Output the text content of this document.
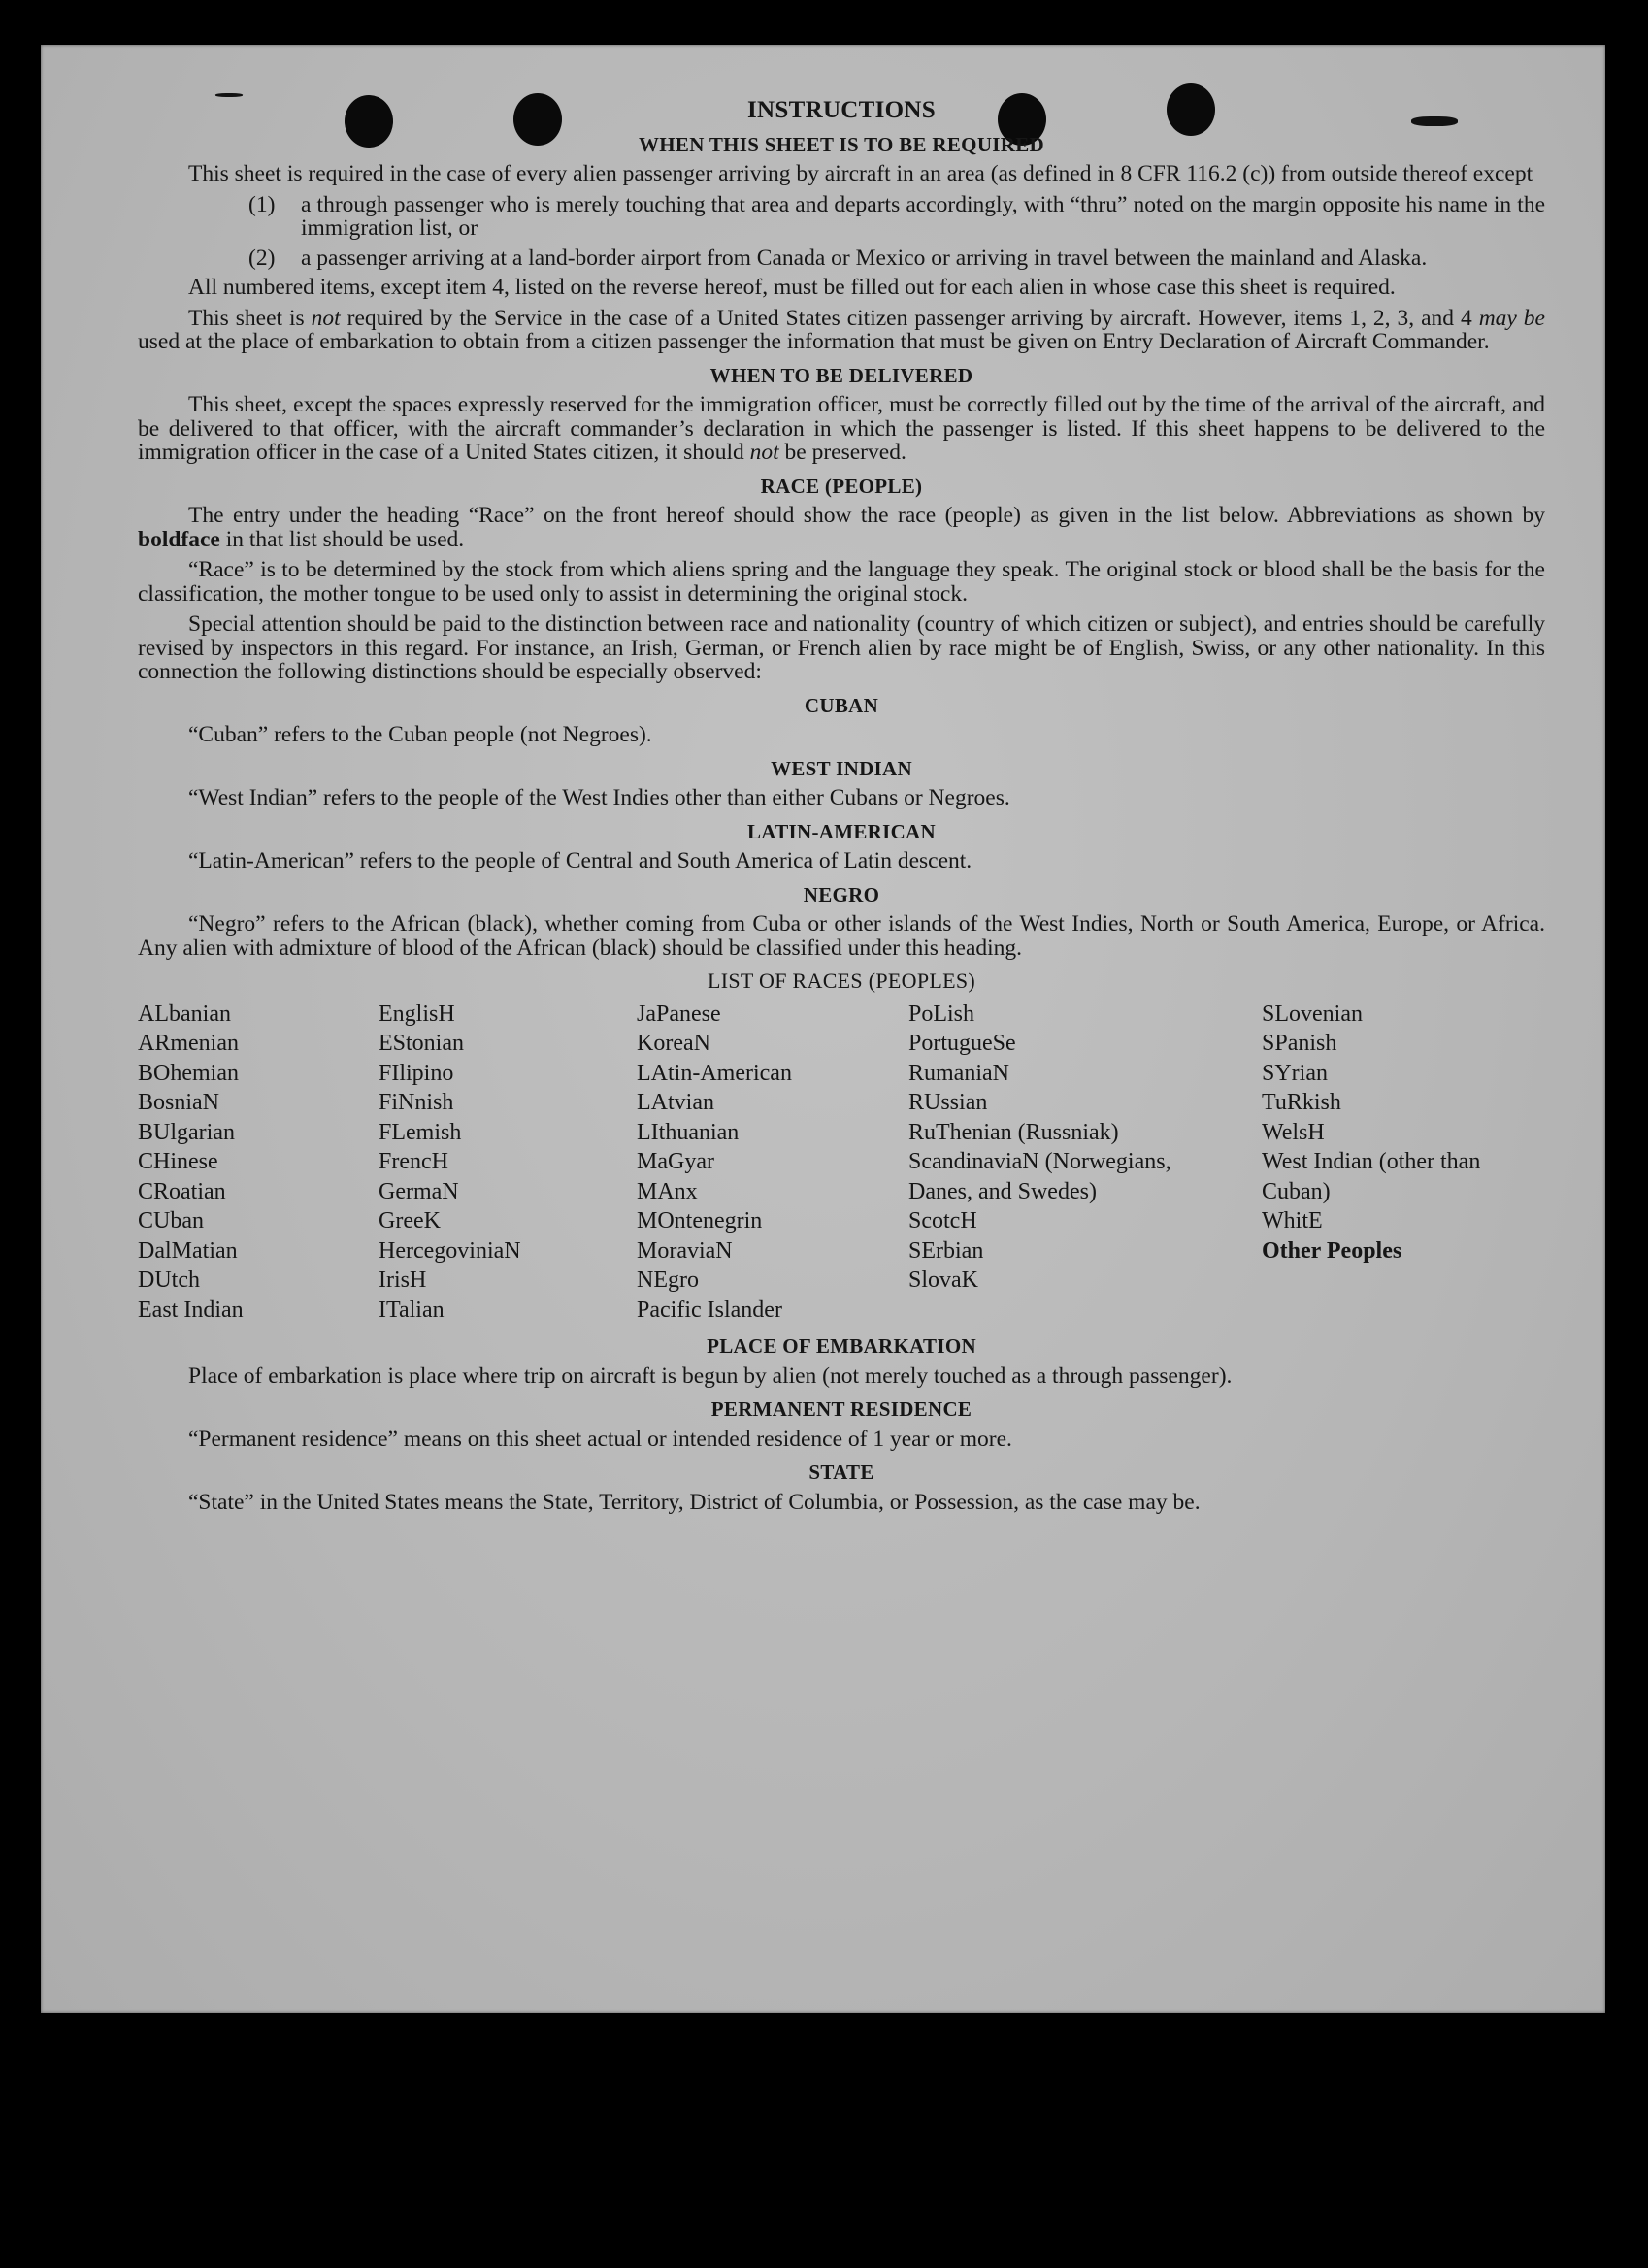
INSTRUCTIONS
WHEN THIS SHEET IS TO BE REQUIRED

This sheet is required in the case of every alien passenger arriving by aircraft in an area (as defined in 8 CFR 116.2 (c)) from outside thereof except

(1)	a through passenger who is merely touching that area and departs accordingly, with “thru” noted on the margin opposite his name in the immigration list, or
(2)	a passenger arriving at a land-border airport from Canada or Mexico or arriving in travel between the mainland and Alaska.

All numbered items, except item 4, listed on the reverse hereof, must be filled out for each alien in whose case this sheet is required.

This sheet is not required by the Service in the case of a United States citizen passenger arriving by aircraft. However, items 1, 2, 3, and 4 may be used at the place of embarkation to obtain from a citizen passenger the information that must be given on Entry Declaration of Aircraft Commander.

WHEN TO BE DELIVERED

This sheet, except the spaces expressly reserved for the immigration officer, must be correctly filled out by the time of the arrival of the aircraft, and be delivered to that officer, with the aircraft commander’s declaration in which the passenger is listed. If this sheet happens to be delivered to the immigration officer in the case of a United States citizen, it should not be preserved.

RACE (PEOPLE)

The entry under the heading “Race” on the front hereof should show the race (people) as given in the list below. Abbreviations as shown by boldface in that list should be used.

“Race” is to be determined by the stock from which aliens spring and the language they speak. The original stock or blood shall be the basis for the classification, the mother tongue to be used only to assist in determining the original stock.

Special attention should be paid to the distinction between race and nationality (country of which citizen or subject), and entries should be carefully revised by inspectors in this regard. For instance, an Irish, German, or French alien by race might be of English, Swiss, or any other nationality. In this connection the following distinctions should be especially observed:

CUBAN
“Cuban” refers to the Cuban people (not Negroes).
WEST INDIAN
“West Indian” refers to the people of the West Indies other than either Cubans or Negroes.
LATIN-AMERICAN
“Latin-American” refers to the people of Central and South America of Latin descent.
NEGRO

“Negro” refers to the African (black), whether coming from Cuba or other islands of the West Indies, North or South America, Europe, or Africa. Any alien with admixture of blood of the African (black) should be classified under this heading.

LIST OF RACES (PEOPLES)
ALbanian
ARmenian
BOhemian
BosniaN
BUlgarian
CHinese
CRoatian
CUban
DalMatian
DUtch
East Indian
EnglisH
EStonian
FIlipino
FiNnish
FLemish
FrencH
GermaN
GreeK
HercegoviniaN
IrisH
ITalian
JaPanese
KoreaN
LAtin-American
LAtvian
LIthuanian
MaGyar
MAnx
MOntenegrin
MoraviaN
NEgro
Pacific Islander
PoLish
PortugueSe
RumaniaN
RUssian
RuThenian (Russniak)
ScandinaviaN (Norwegians, Danes, and Swedes)
ScotcH
SErbian
SlovaK
SLovenian
SPanish
SYrian
TuRkish
WelsH
West Indian (other than Cuban)
WhitE
Other Peoples
PLACE OF EMBARKATION

Place of embarkation is place where trip on aircraft is begun by alien (not merely touched as a through passenger).

PERMANENT RESIDENCE
“Permanent residence” means on this sheet actual or intended residence of 1 year or more.
STATE

“State” in the United States means the State, Territory, District of Columbia, or Possession, as the case may be.
